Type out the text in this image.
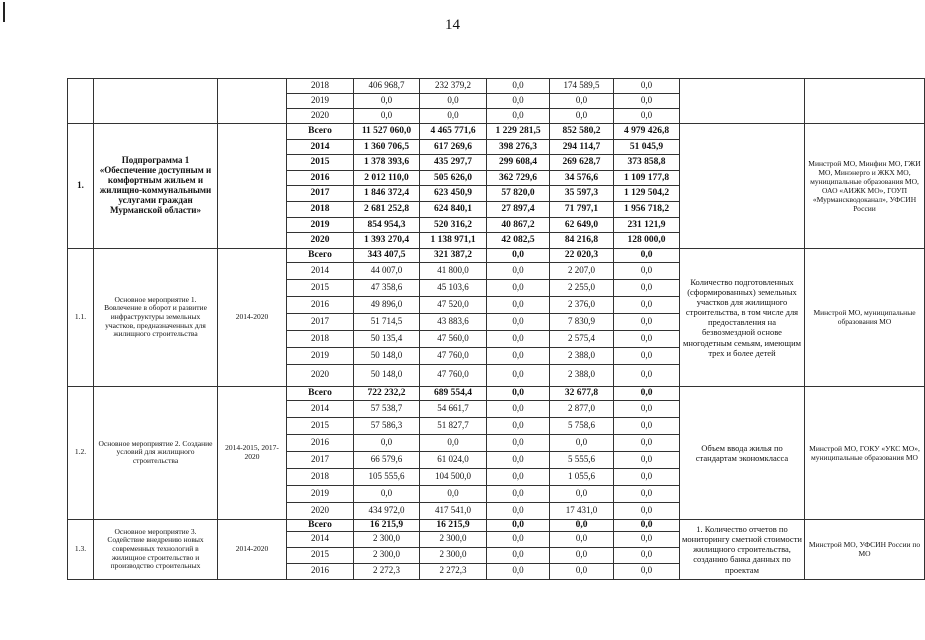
14
			2018	406 968,7	232 379,2	0,0	174 589,5	0,0		
			2019	0,0	0,0	0,0	0,0	0,0		
			2020	0,0	0,0	0,0	0,0	0,0		
1.	Подпрограмма 1 «Обеспечение доступным и комфортным жильем и жилищно-коммунальными услугами граждан Мурманской области»		Всего	11 527 060,0	4 465 771,6	1 229 281,5	852 580,2	4 979 426,8		Минстрой МО, Минфин МО, ГЖИ МО, Минэнерго и ЖКХ МО, муниципальные образования МО, ОАО «АИЖК МО», ГОУП «Мурманскводоканал», УФСИН России
			2014	1 360 706,5	617 269,6	398 276,3	294 114,7	51 045,9		
			2015	1 378 393,6	435 297,7	299 608,4	269 628,7	373 858,8		
			2016	2 012 110,0	505 626,0	362 729,6	34 576,6	1 109 177,8		
			2017	1 846 372,4	623 450,9	57 820,0	35 597,3	1 129 504,2		
			2018	2 681 252,8	624 840,1	27 897,4	71 797,1	1 956 718,2		
			2019	854 954,3	520 316,2	40 867,2	62 649,0	231 121,9		
			2020	1 393 270,4	1 138 971,1	42 082,5	84 216,8	128 000,0		
1.1.	Основное мероприятие 1. Вовлечение в оборот и развитие инфраструктуры земельных участков, предназначенных для жилищного строительства	2014-2020	Всего	343 407,5	321 387,2	0,0	22 020,3	0,0	Количество подготовленных (сформированных) земельных участков для жилищного строительства, в том числе для предоставления на безвозмездной основе многодетным семьям, имеющим трех и более детей	Минстрой МО, муниципальные образования МО
			2014	44 007,0	41 800,0	0,0	2 207,0	0,0		
			2015	47 358,6	45 103,6	0,0	2 255,0	0,0		
			2016	49 896,0	47 520,0	0,0	2 376,0	0,0		
			2017	51 714,5	43 883,6	0,0	7 830,9	0,0		
			2018	50 135,4	47 560,0	0,0	2 575,4	0,0		
			2019	50 148,0	47 760,0	0,0	2 388,0	0,0		
			2020	50 148,0	47 760,0	0,0	2 388,0	0,0		
1.2.	Основное мероприятие 2. Создание условий для жилищного строительства	2014-2015, 2017-2020	Всего	722 232,2	689 554,4	0,0	32 677,8	0,0	Объем ввода жилья по стандартам экономкласса	Минстрой МО, ГОКУ «УКС МО», муниципальные образования МО
			2014	57 538,7	54 661,7	0,0	2 877,0	0,0		
			2015	57 586,3	51 827,7	0,0	5 758,6	0,0		
			2016	0,0	0,0	0,0	0,0	0,0		
			2017	66 579,6	61 024,0	0,0	5 555,6	0,0		
			2018	105 555,6	104 500,0	0,0	1 055,6	0,0		
			2019	0,0	0,0	0,0	0,0	0,0		
			2020	434 972,0	417 541,0	0,0	17 431,0	0,0		
1.3.	Основное мероприятие 3. Содействие внедрению новых современных технологий в жилищное строительство и производство строительных	2014-2020	Всего	16 215,9	16 215,9	0,0	0,0	0,0	1. Количество отчетов по мониторингу сметной стоимости жилищного строительства, созданию банка данных по проектам	Минстрой МО, УФСИН России по МО
			2014	2 300,0	2 300,0	0,0	0,0	0,0		
			2015	2 300,0	2 300,0	0,0	0,0	0,0		
			2016	2 272,3	2 272,3	0,0	0,0	0,0		
